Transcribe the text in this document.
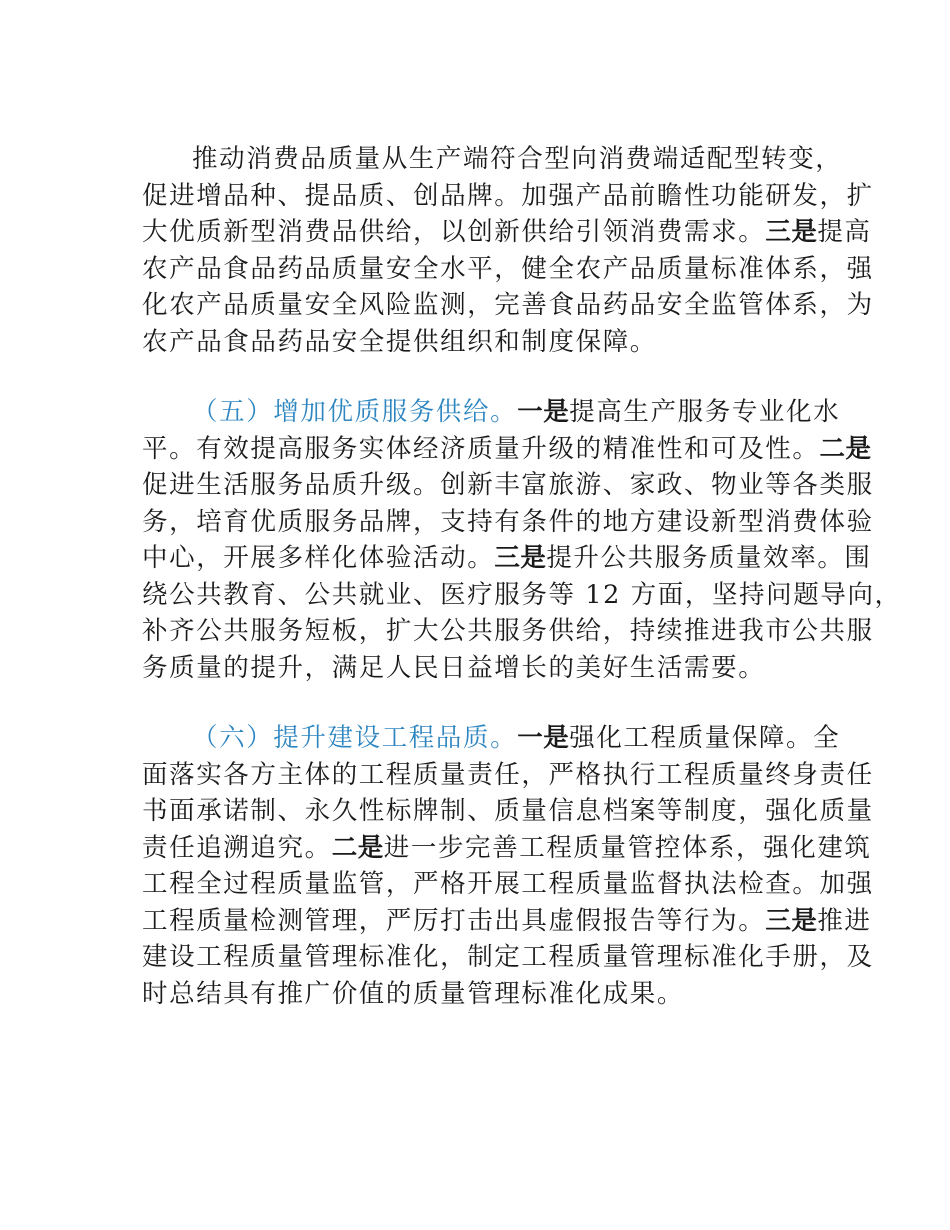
推动消费品质量从生产端符合型向消费端适配型转变，
促进增品种、提品质、创品牌。加强产品前瞻性功能研发，扩
大优质新型消费品供给，以创新供给引领消费需求。三是提高
农产品食品药品质量安全水平，健全农产品质量标准体系，强
化农产品质量安全风险监测，完善食品药品安全监管体系，为
农产品食品药品安全提供组织和制度保障。
（五）增加优质服务供给。一是提高生产服务专业化水
平。有效提高服务实体经济质量升级的精准性和可及性。二是
促进生活服务品质升级。创新丰富旅游、家政、物业等各类服
务，培育优质服务品牌，支持有条件的地方建设新型消费体验
中心，开展多样化体验活动。三是提升公共服务质量效率。围
绕公共教育、公共就业、医疗服务等 12 方面，坚持问题导向，
补齐公共服务短板，扩大公共服务供给，持续推进我市公共服
务质量的提升，满足人民日益增长的美好生活需要。
（六）提升建设工程品质。一是强化工程质量保障。全
面落实各方主体的工程质量责任，严格执行工程质量终身责任
书面承诺制、永久性标牌制、质量信息档案等制度，强化质量
责任追溯追究。二是进一步完善工程质量管控体系，强化建筑
工程全过程质量监管，严格开展工程质量监督执法检查。加强
工程质量检测管理，严厉打击出具虚假报告等行为。三是推进
建设工程质量管理标准化，制定工程质量管理标准化手册，及
时总结具有推广价值的质量管理标准化成果。
